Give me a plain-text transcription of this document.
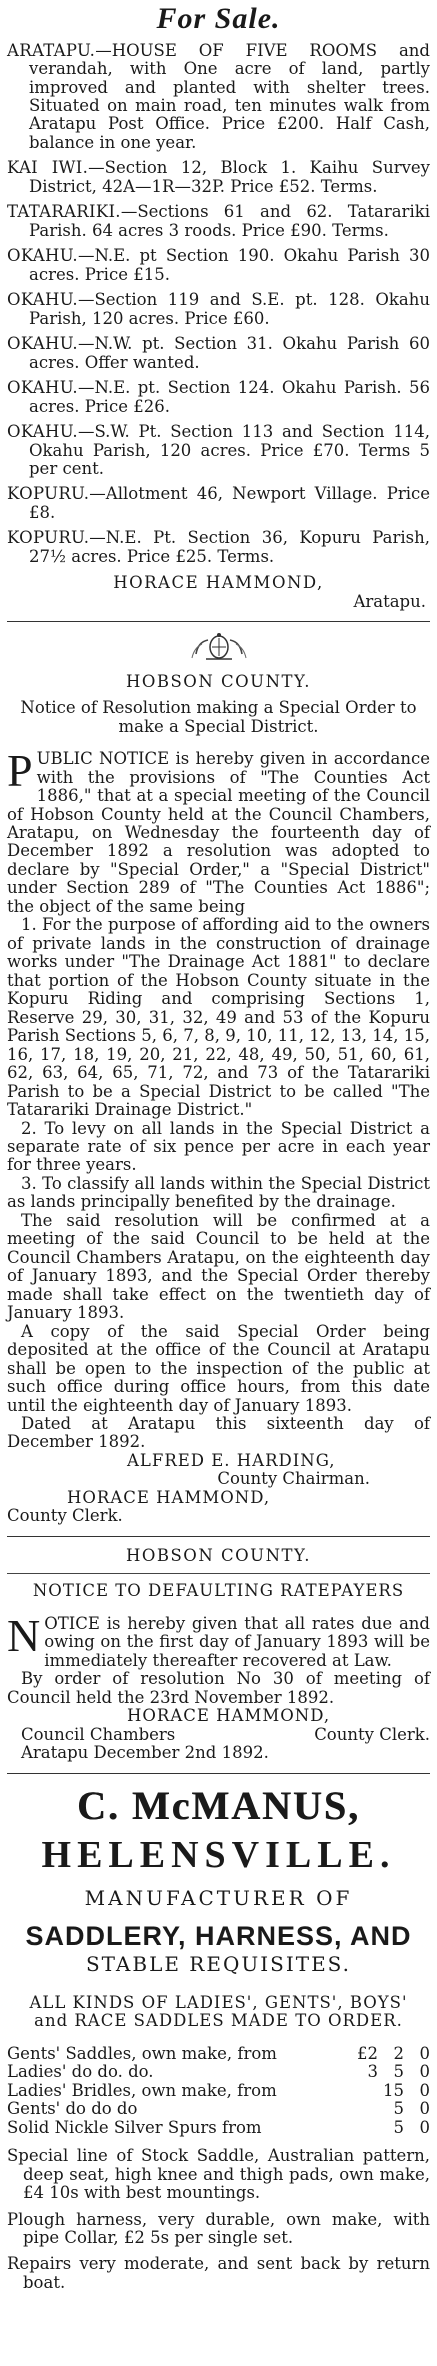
For Sale.

ARATAPU.—HOUSE OF FIVE ROOMS and verandah, with One acre of land, partly improved and planted with shelter trees. Situated on main road, ten minutes walk from Aratapu Post Office. Price £200. Half Cash, balance in one year.

KAI IWI.—Section 12, Block 1. Kaihu Survey District, 42A—1R—32P. Price £52. Terms.

TATARARIKI.—Sections 61 and 62. Tatarariki Parish. 64 acres 3 roods. Price £90. Terms.

OKAHU.—N.E. pt Section 190. Okahu Parish 30 acres. Price £15.

OKAHU.—Section 119 and S.E. pt. 128. Okahu Parish, 120 acres. Price £60.

OKAHU.—N.W. pt. Section 31. Okahu Parish 60 acres. Offer wanted.

OKAHU.—N.E. pt. Section 124. Okahu Parish. 56 acres. Price £26.

OKAHU.—S.W. Pt. Section 113 and Section 114, Okahu Parish, 120 acres. Price £70. Terms 5 per cent.

KOPURU.—Allotment 46, Newport Village. Price £8.

KOPURU.—N.E. Pt. Section 36, Kopuru Parish, 27½ acres. Price £25. Terms.

HORACE HAMMOND,
Aratapu.
HOBSON COUNTY.
Notice of Resolution making a Special Order to make a Special District.

PUBLIC NOTICE is hereby given in accordance with the provisions of "The Counties Act 1886," that at a special meeting of the Council of Hobson County held at the Council Chambers, Aratapu, on Wednesday the fourteenth day of December 1892 a resolution was adopted to declare by "Special Order," a "Special District" under Section 289 of "The Counties Act 1886"; the object of the same being

1. For the purpose of affording aid to the owners of private lands in the construction of drainage works under "The Drainage Act 1881" to declare that portion of the Hobson County situate in the Kopuru Riding and comprising Sections 1, Reserve 29, 30, 31, 32, 49 and 53 of the Kopuru Parish Sections 5, 6, 7, 8, 9, 10, 11, 12, 13, 14, 15, 16, 17, 18, 19, 20, 21, 22, 48, 49, 50, 51, 60, 61, 62, 63, 64, 65, 71, 72, and 73 of the Tatarariki Parish to be a Special District to be called "The Tatarariki Drainage District."

2. To levy on all lands in the Special District a separate rate of six pence per acre in each year for three years.

3. To classify all lands within the Special District as lands principally benefited by the drainage.

The said resolution will be confirmed at a meeting of the said Council to be held at the Council Chambers Aratapu, on the eighteenth day of January 1893, and the Special Order thereby made shall take effect on the twentieth day of January 1893.

A copy of the said Special Order being deposited at the office of the Council at Aratapu shall be open to the inspection of the public at such office during office hours, from this date until the eighteenth day of January 1893.

Dated at Aratapu this sixteenth day of December 1892.

ALFRED E. HARDING,
County Chairman.
HORACE HAMMOND,
County Clerk.
HOBSON COUNTY.
NOTICE TO DEFAULTING RATEPAYERS

NOTICE is hereby given that all rates due and owing on the first day of January 1893 will be immediately thereafter recovered at Law.

By order of resolution No 30 of meeting of Council held the 23rd November 1892.

HORACE HAMMOND,
Council Chambers	County Clerk.
Aratapu December 2nd 1892.
C. McMANUS,
HELENSVILLE.
MANUFACTURER OF
SADDLERY, HARNESS, AND
STABLE REQUISITES.
ALL KINDS OF LADIES', GENTS', BOYS'
and RACE SADDLES MADE TO ORDER.
Gents' Saddles, own make, from	£2	2	0
Ladies' do do. do.	3	5	0
Ladies' Bridles, own make, from		15	0
Gents' do do do		5	0
Solid Nickle Silver Spurs from		5	0

Special line of Stock Saddle, Australian pattern, deep seat, high knee and thigh pads, own make, £4 10s with best mountings.

Plough harness, very durable, own make, with pipe Collar, £2 5s per single set.

Repairs very moderate, and sent back by return boat.
